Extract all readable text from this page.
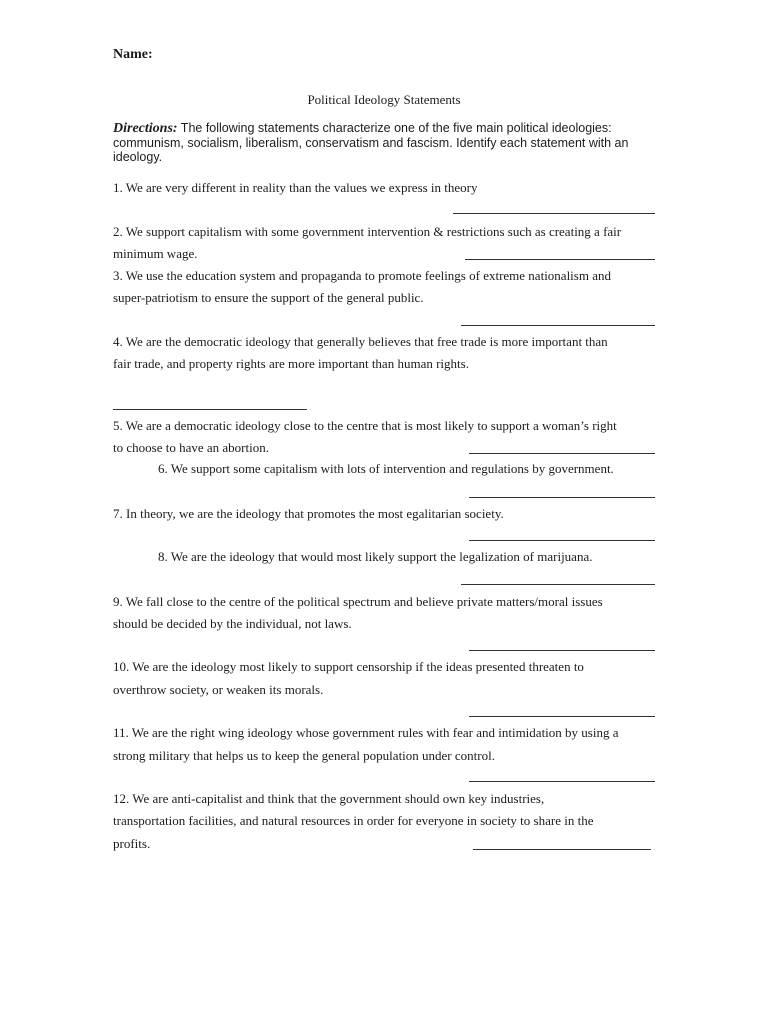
Name:
Political Ideology Statements
Directions: The following statements characterize one of the five main political ideologies: communism, socialism, liberalism, conservatism and fascism. Identify each statement with an ideology.
1. We are very different in reality than the values we express in theory
2. We support capitalism with some government intervention & restrictions such as creating a fair
minimum wage.
3. We use the education system and propaganda to promote feelings of extreme nationalism and
super-patriotism to ensure the support of the general public.
4. We are the democratic ideology that generally believes that free trade is more important than
fair trade, and property rights are more important than human rights.
5. We are a democratic ideology close to the centre that is most likely to support a woman’s right
to choose to have an abortion.
6. We support some capitalism with lots of intervention and regulations by government.
7. In theory, we are the ideology that promotes the most egalitarian society.
8. We are the ideology that would most likely support the legalization of marijuana.
9. We fall close to the centre of the political spectrum and believe private matters/moral issues
should be decided by the individual, not laws.
10. We are the ideology most likely to support censorship if the ideas presented threaten to
overthrow society, or weaken its morals.
11. We are the right wing ideology whose government rules with fear and intimidation by using a
strong military that helps us to keep the general population under control.
12. We are anti-capitalist and think that the government should own key industries,
transportation facilities, and natural resources in order for everyone in society to share in the
profits.
